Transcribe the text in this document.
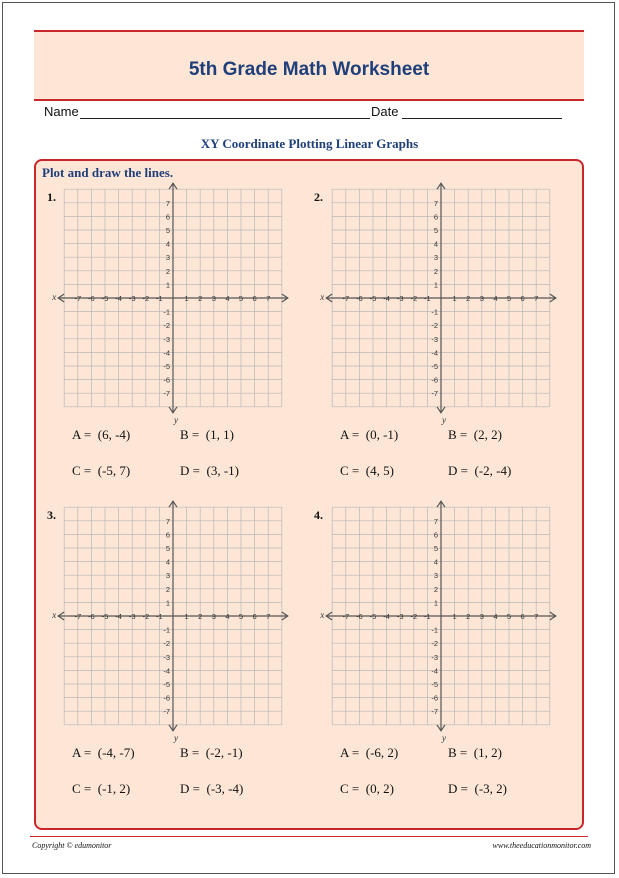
5th Grade Math Worksheet
Name	Date
XY Coordinate Plotting Linear Graphs
Plot and draw the lines.
1.
-7 -6 -5 -4 -3 -2 -1	1 2 3 4 5 6 7
7
6
5
4
3
2
1
-1
-2
-3
-4
-5
-6
-7
x
y
A = (6, -4)	B = (1, 1)
C = (-5, 7)	D = (3, -1)
2.
-7 -6 -5 -4 -3 -2 -1	1 2 3 4 5 6 7
7
6
5
4
3
2
1
-1
-2
-3
-4
-5
-6
-7
x
y
A = (0, -1)	B = (2, 2)
C = (4, 5)	D = (-2, -4)
3.
-7 -6 -5 -4 -3 -2 -1	1 2 3 4 5 6 7
7
6
5
4
3
2
1
-1
-2
-3
-4
-5
-6
-7
x
y
A = (-4, -7)	B = (-2, -1)
C = (-1, 2)	D = (-3, -4)
4.
-7 -6 -5 -4 -3 -2 -1	1 2 3 4 5 6 7
7
6
5
4
3
2
1
-1
-2
-3
-4
-5
-6
-7
x
y
A = (-6, 2)	B = (1, 2)
C = (0, 2)	D = (-3, 2)
Copyright © edumonitor	www.theeducationmonitor.com
